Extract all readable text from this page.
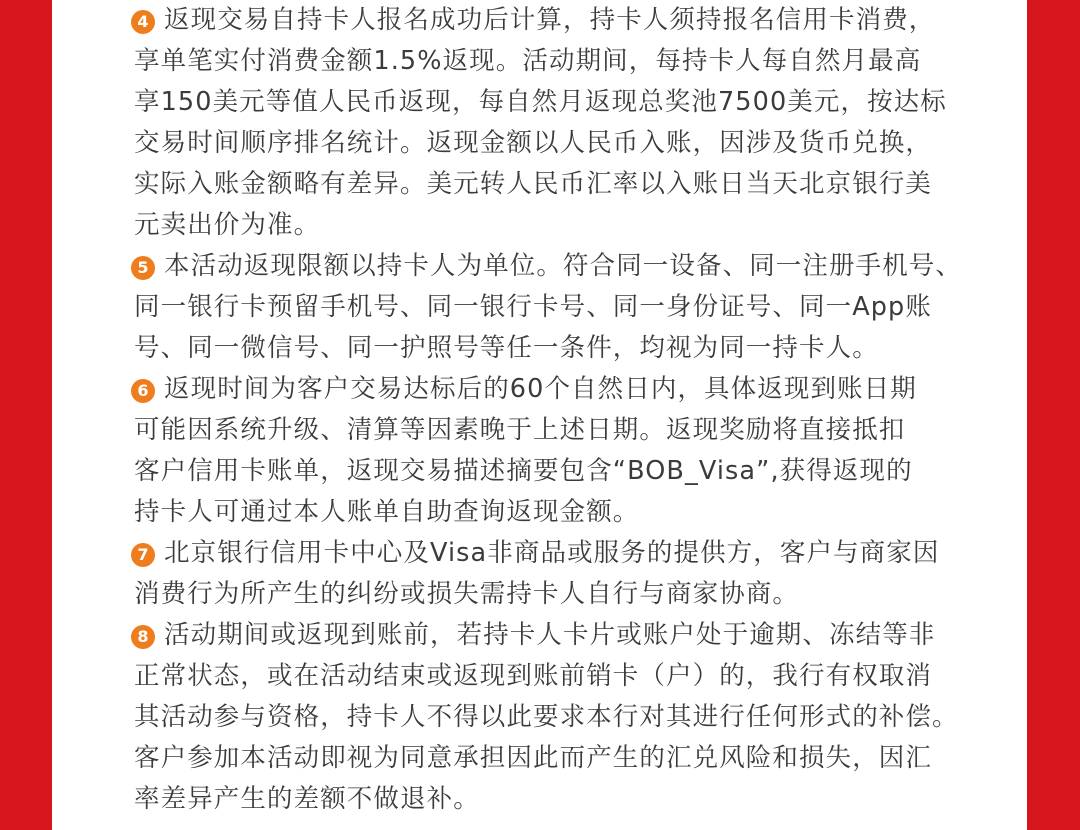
4 返现交易自持卡人报名成功后计算，持卡人须持报名信用卡消费，
享单笔实付消费金额1.5%返现。活动期间，每持卡人每自然月最高
享150美元等值人民币返现，每自然月返现总奖池7500美元，按达标
交易时间顺序排名统计。返现金额以人民币入账，因涉及货币兑换，
实际入账金额略有差异。美元转人民币汇率以入账日当天北京银行美
元卖出价为准。
5 本活动返现限额以持卡人为单位。符合同一设备、同一注册手机号、
同一银行卡预留手机号、同一银行卡号、同一身份证号、同一App账
号、同一微信号、同一护照号等任一条件，均视为同一持卡人。
6 返现时间为客户交易达标后的60个自然日内，具体返现到账日期
可能因系统升级、清算等因素晚于上述日期。返现奖励将直接抵扣
客户信用卡账单，返现交易描述摘要包含“BOB_Visa”,获得返现的
持卡人可通过本人账单自助查询返现金额。
7 北京银行信用卡中心及Visa非商品或服务的提供方，客户与商家因
消费行为所产生的纠纷或损失需持卡人自行与商家协商。
8 活动期间或返现到账前，若持卡人卡片或账户处于逾期、冻结等非
正常状态，或在活动结束或返现到账前销卡（户）的，我行有权取消
其活动参与资格，持卡人不得以此要求本行对其进行任何形式的补偿。
客户参加本活动即视为同意承担因此而产生的汇兑风险和损失，因汇
率差异产生的差额不做退补。
